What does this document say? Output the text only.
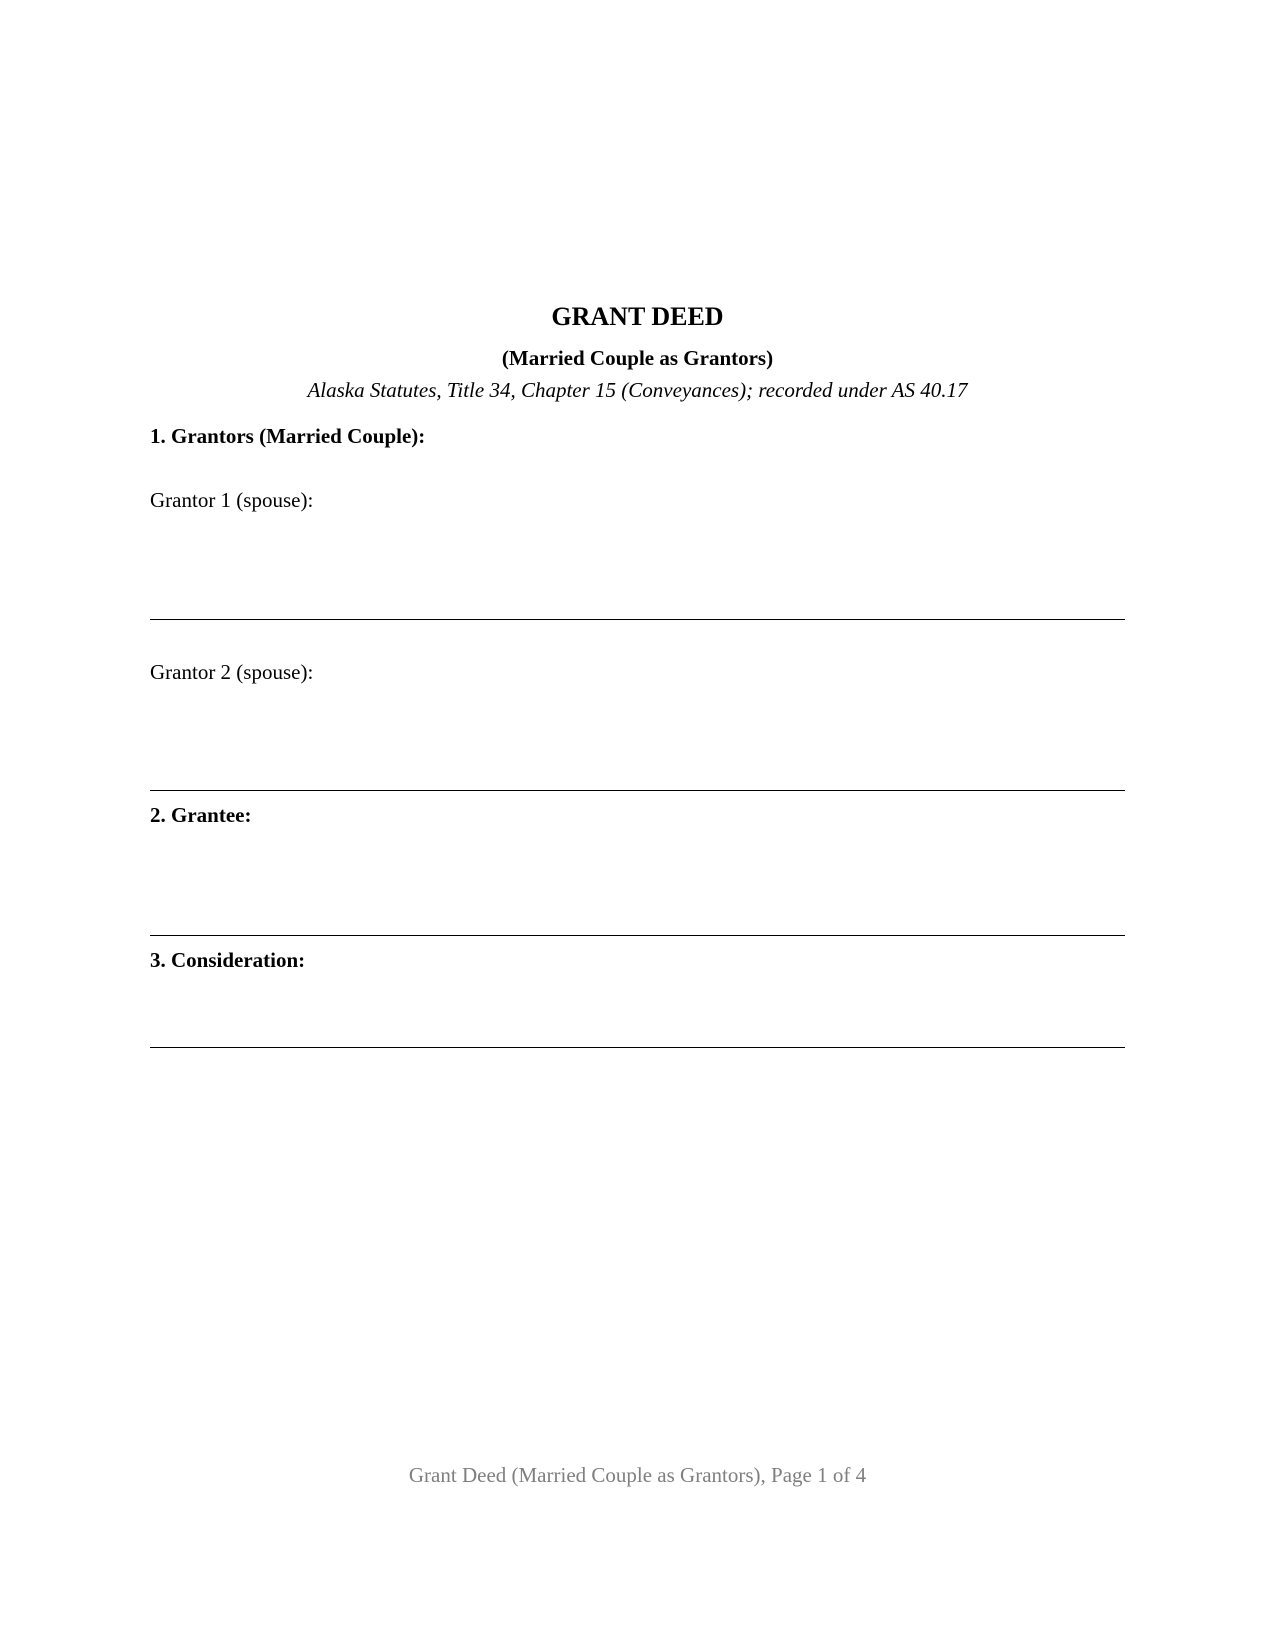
GRANT DEED
(Married Couple as Grantors)
Alaska Statutes, Title 34, Chapter 15 (Conveyances); recorded under AS 40.17
1. Grantors (Married Couple):
Grantor 1 (spouse):
Grantor 2 (spouse):
2. Grantee:
3. Consideration:
Grant Deed (Married Couple as Grantors), Page 1 of 4
